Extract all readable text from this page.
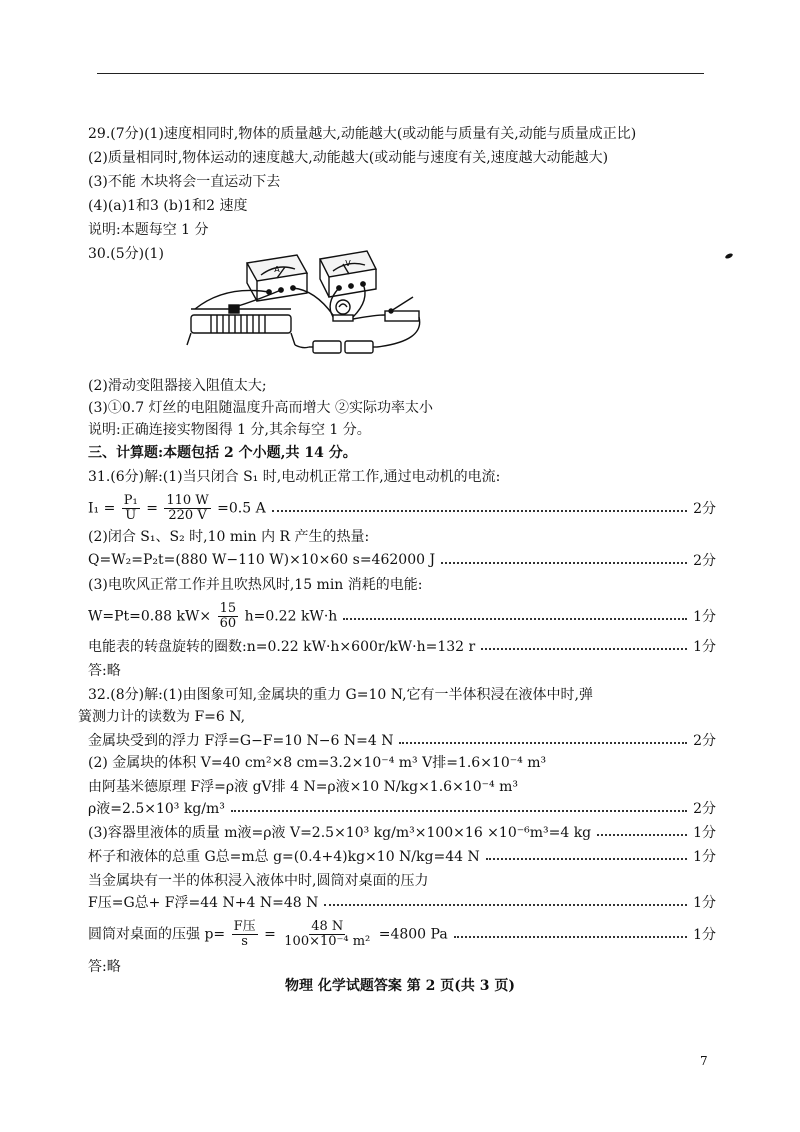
29.(7分)(1)速度相同时,物体的质量越大,动能越大(或动能与质量有关,动能与质量成正比)
(2)质量相同时,物体运动的速度越大,动能越大(或动能与速度有关,速度越大动能越大)
(3)不能 木块将会一直运动下去
(4)(a)1和3 (b)1和2 速度
说明:本题每空 1 分
30.(5分)(1)
A
V
(2)滑动变阻器接入阻值太大;
(3)①0.7 灯丝的电阻随温度升高而增大 ②实际功率太小
说明:正确连接实物图得 1 分,其余每空 1 分。
三、计算题:本题包括 2 个小题,共 14 分。
31.(6分)解:(1)当只闭合 S₁ 时,电动机正常工作,通过电动机的电流:
$I_1 = \frac{\text{P₁}}{U} = \frac{110 W}{220 V} =0.5$ A	2分
(2)闭合 S₁、S₂ 时,10 min 内 R 产生的热量:
Q=W₂=P₂t=(880 W−110 W)×10×60 s=462000 J	2分
(3)电吹风正常工作并且吹热风时,15 min 消耗的电能:
W=Pt=0.88 $kW\times \frac{15}{60} h=0.22$ kW·h	1分
电能表的转盘旋转的圈数:n=0.22 kW·h×600r/kW·h=132 r	1分
答:略
32.(8分)解:(1)由图象可知,金属块的重力 G=10 N,它有一半体积浸在液体中时,弹
簧测力计的读数为 F=6 N,
金属块受到的浮力 F浮=G−F=10 N−6 N=4 N	2分
(2) 金属块的体积 V=40 cm²×8 cm=3.2×10⁻⁴ m³ V排=1.6×10⁻⁴ m³
由阿基米德原理 F浮=ρ液 gV排 4 N=ρ液×10 N/kg×1.6×10⁻⁴ m³
ρ液=2.5×10³ kg/m³	2分
(3)容器里液体的质量 m液=ρ液 V=2.5×10³ kg/m³×100×16 ×10⁻⁶m³=4 kg	1分
杯子和液体的总重 G总=m总 g=(0.4+4)kg×10 N/kg=44 N	1分
当金属块有一半的体积浸入液体中时,圆筒对桌面的压力
F压=G总+ F浮=44 N+4 N=48 N	1分
圆筒对桌面的压强 $p= \frac{\text{F压}}{s} = \frac{48 N}{\text{100×10⁻⁴ m²}} =4800$ Pa	1分
答:略
物理 化学试题答案 第 2 页(共 3 页)
7
